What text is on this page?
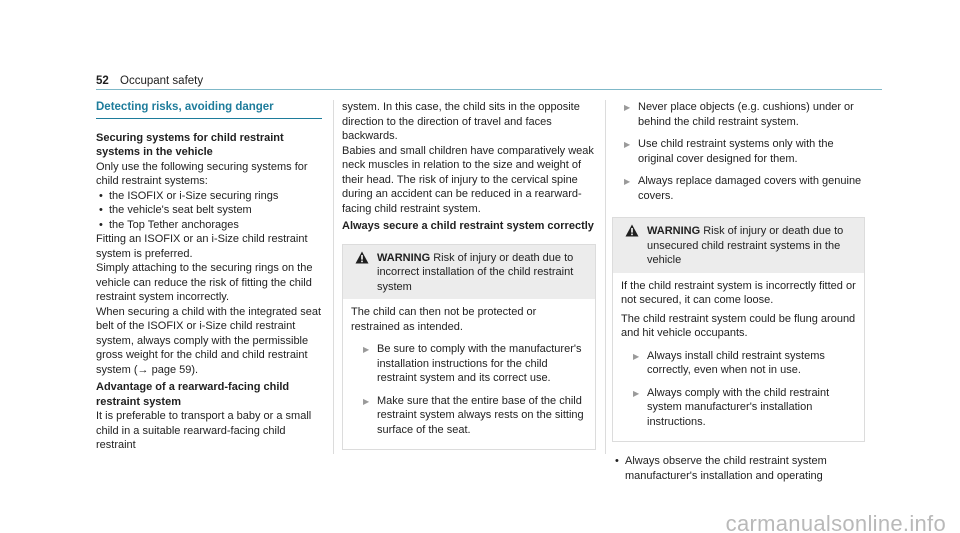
52 Occupant safety
Detecting risks, avoiding danger
Securing systems for child restraint systems in the vehicle

Only use the following securing systems for child restraint systems:

• the ISOFIX or i-Size securing rings
• the vehicle's seat belt system
• the Top Tether anchorages

Fitting an ISOFIX or an i-Size child restraint system is preferred.

Simply attaching to the securing rings on the vehicle can reduce the risk of fitting the child restraint system incorrectly.

When securing a child with the integrated seat belt of the ISOFIX or i-Size child restraint system, always comply with the permissible gross weight for the child and child restraint system (→ page 59).

Advantage of a rearward-facing child restraint system

It is preferable to transport a baby or a small child in a suitable rearward-facing child restraint

system. In this case, the child sits in the opposite direction to the direction of travel and faces backwards.

Babies and small children have comparatively weak neck muscles in relation to the size and weight of their head. The risk of injury to the cervical spine during an accident can be reduced in a rearward-facing child restraint system.

Always secure a child restraint system correctly
WARNING Risk of injury or death due to incorrect installation of the child restraint system

The child can then not be protected or restrained as intended.

▶ Be sure to comply with the manufacturer's installation instructions for the child restraint system and its correct use.
▶ Make sure that the entire base of the child restraint system always rests on the sitting surface of the seat.
▶ Never place objects (e.g. cushions) under or behind the child restraint system.
▶ Use child restraint systems only with the original cover designed for them.
▶ Always replace damaged covers with genuine covers.
WARNING Risk of injury or death due to unsecured child restraint systems in the vehicle

If the child restraint system is incorrectly fitted or not secured, it can come loose.

The child restraint system could be flung around and hit vehicle occupants.

▶ Always install child restraint systems correctly, even when not in use.
▶ Always comply with the child restraint system manufacturer's installation instructions.
• Always observe the child restraint system manufacturer's installation and operating
carmanualsonline.info
